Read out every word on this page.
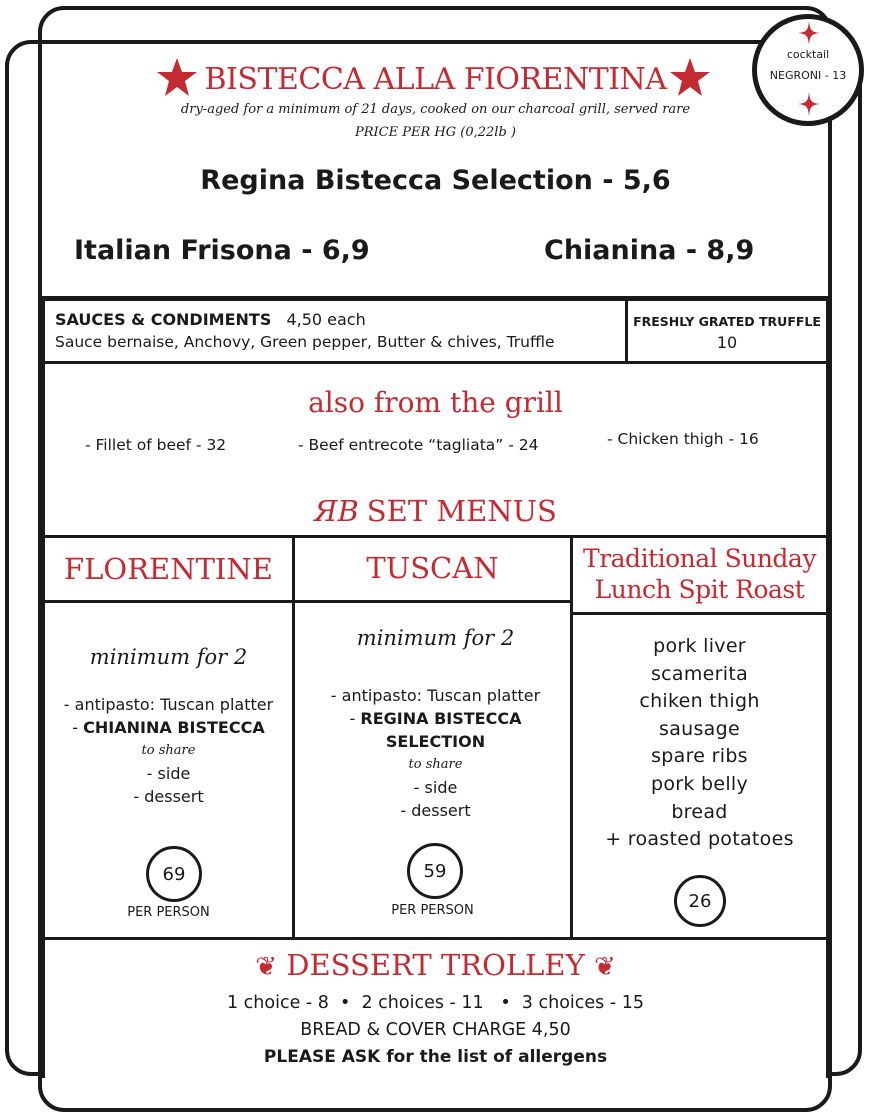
BISTECCA ALLA FIORENTINA
dry-aged for a minimum of 21 days, cooked on our charcoal grill, served rare
PRICE PER HG (0,22lb )
Regina Bistecca Selection - 5,6
Italian Frisona - 6,9	Chianina - 8,9
SAUCES & CONDIMENTS 4,50 each
Sauce bernaise, Anchovy, Green pepper, Butter & chives, Truffle
FRESHLY GRATED TRUFFLE
10
also from the grill
- Fillet of beef - 32	- Beef entrecote “tagliata” - 24	- Chicken thigh - 16
ЯB SET MENUS
FLORENTINE
minimum for 2
- antipasto: Tuscan platter
- CHIANINA BISTECCA
to share
- side
- dessert
69
PER PERSON
TUSCAN
minimum for 2
- antipasto: Tuscan platter
- REGINA BISTECCA
SELECTION
to share
- side
- dessert
59
PER PERSON
Traditional Sunday
Lunch Spit Roast
pork liver
scamerita
chiken thigh
sausage
spare ribs
pork belly
bread
+ roasted potatoes
26
❦ DESSERT TROLLEY ❦
1 choice - 8  •  2 choices - 11   •  3 choices - 15
BREAD & COVER CHARGE 4,50
PLEASE ASK for the list of allergens
cocktail
NEGRONI - 13
